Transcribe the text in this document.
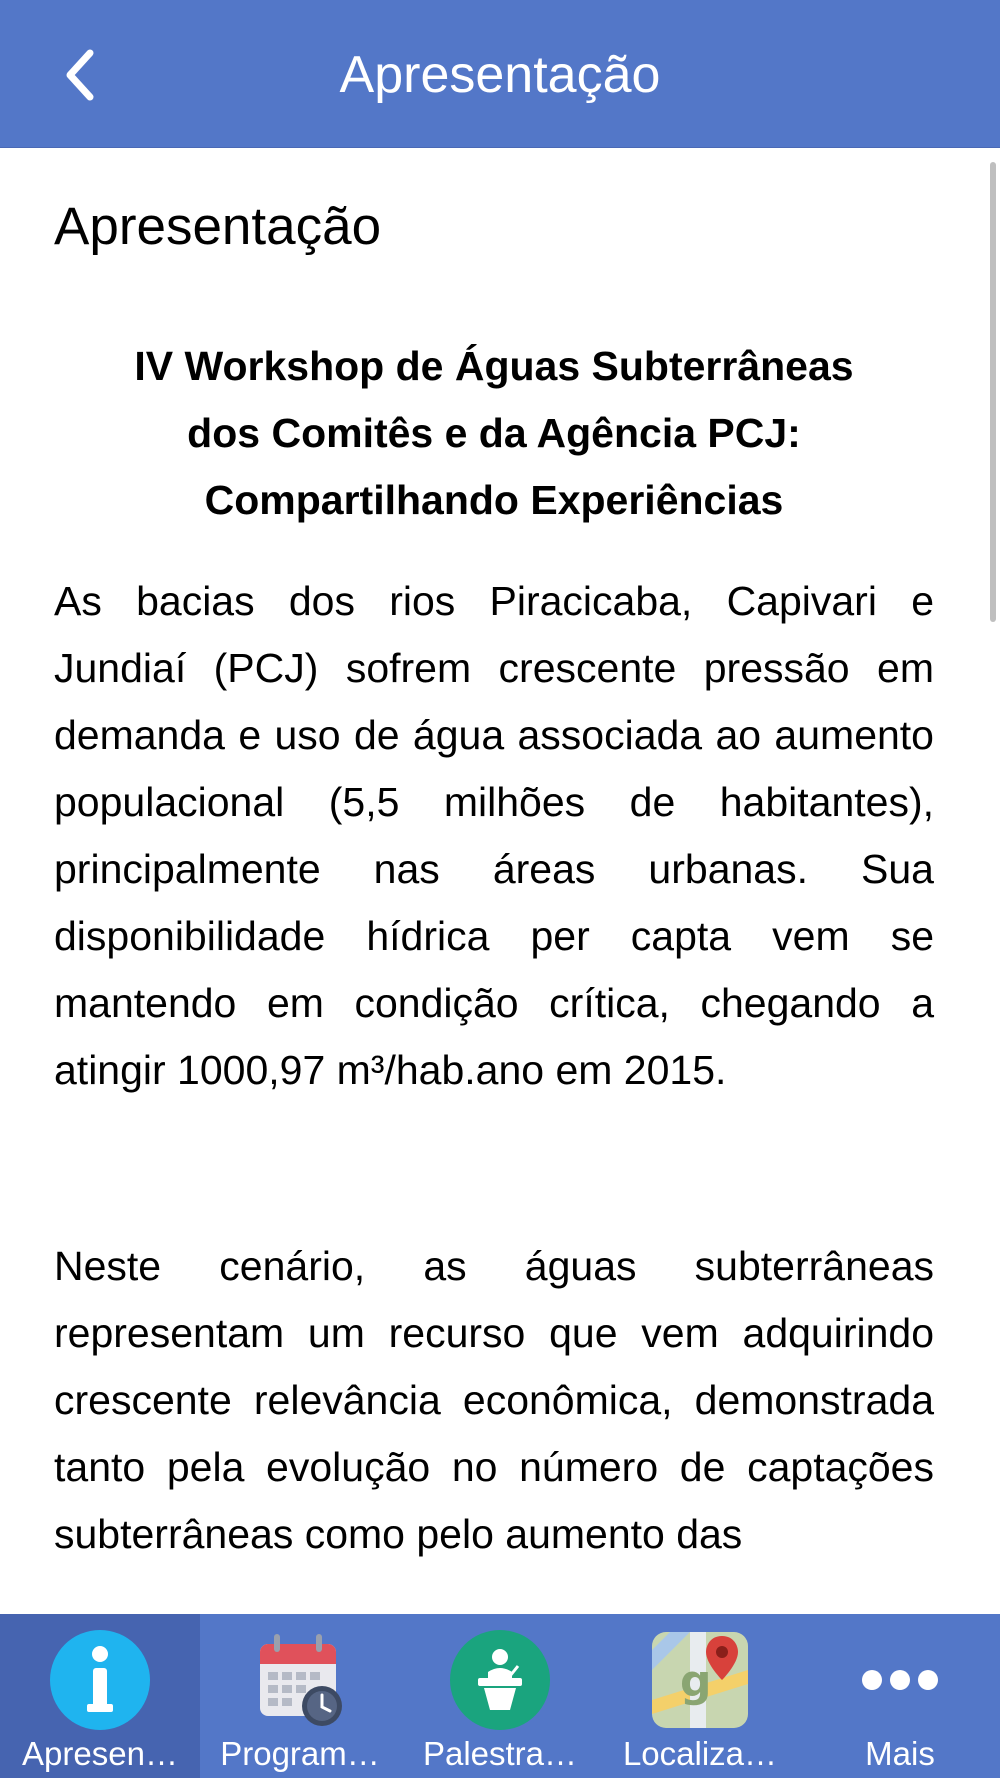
Apresentação
Apresentação
IV Workshop de Águas Subterrâneas
dos Comitês e da Agência PCJ:
Compartilhando Experiências

As bacias dos rios Piracicaba, Capivari e Jundiaí (PCJ) sofrem crescente pressão em demanda e uso de água associada ao aumento populacional (5,5 milhões de habitantes), principalmente nas áreas urbanas. Sua disponibilidade hídrica per capta vem se mantendo em condição crítica, chegando a atingir 1000,97 m³/hab.ano em 2015.

Neste cenário, as águas subterrâneas representam um recurso que vem adquirindo crescente relevância econômica, demonstrada tanto pela evolução no número de captações subterrâneas como pelo aumento das

Apresen…	Program…	Palestra…
g
Localiza…	Mais
